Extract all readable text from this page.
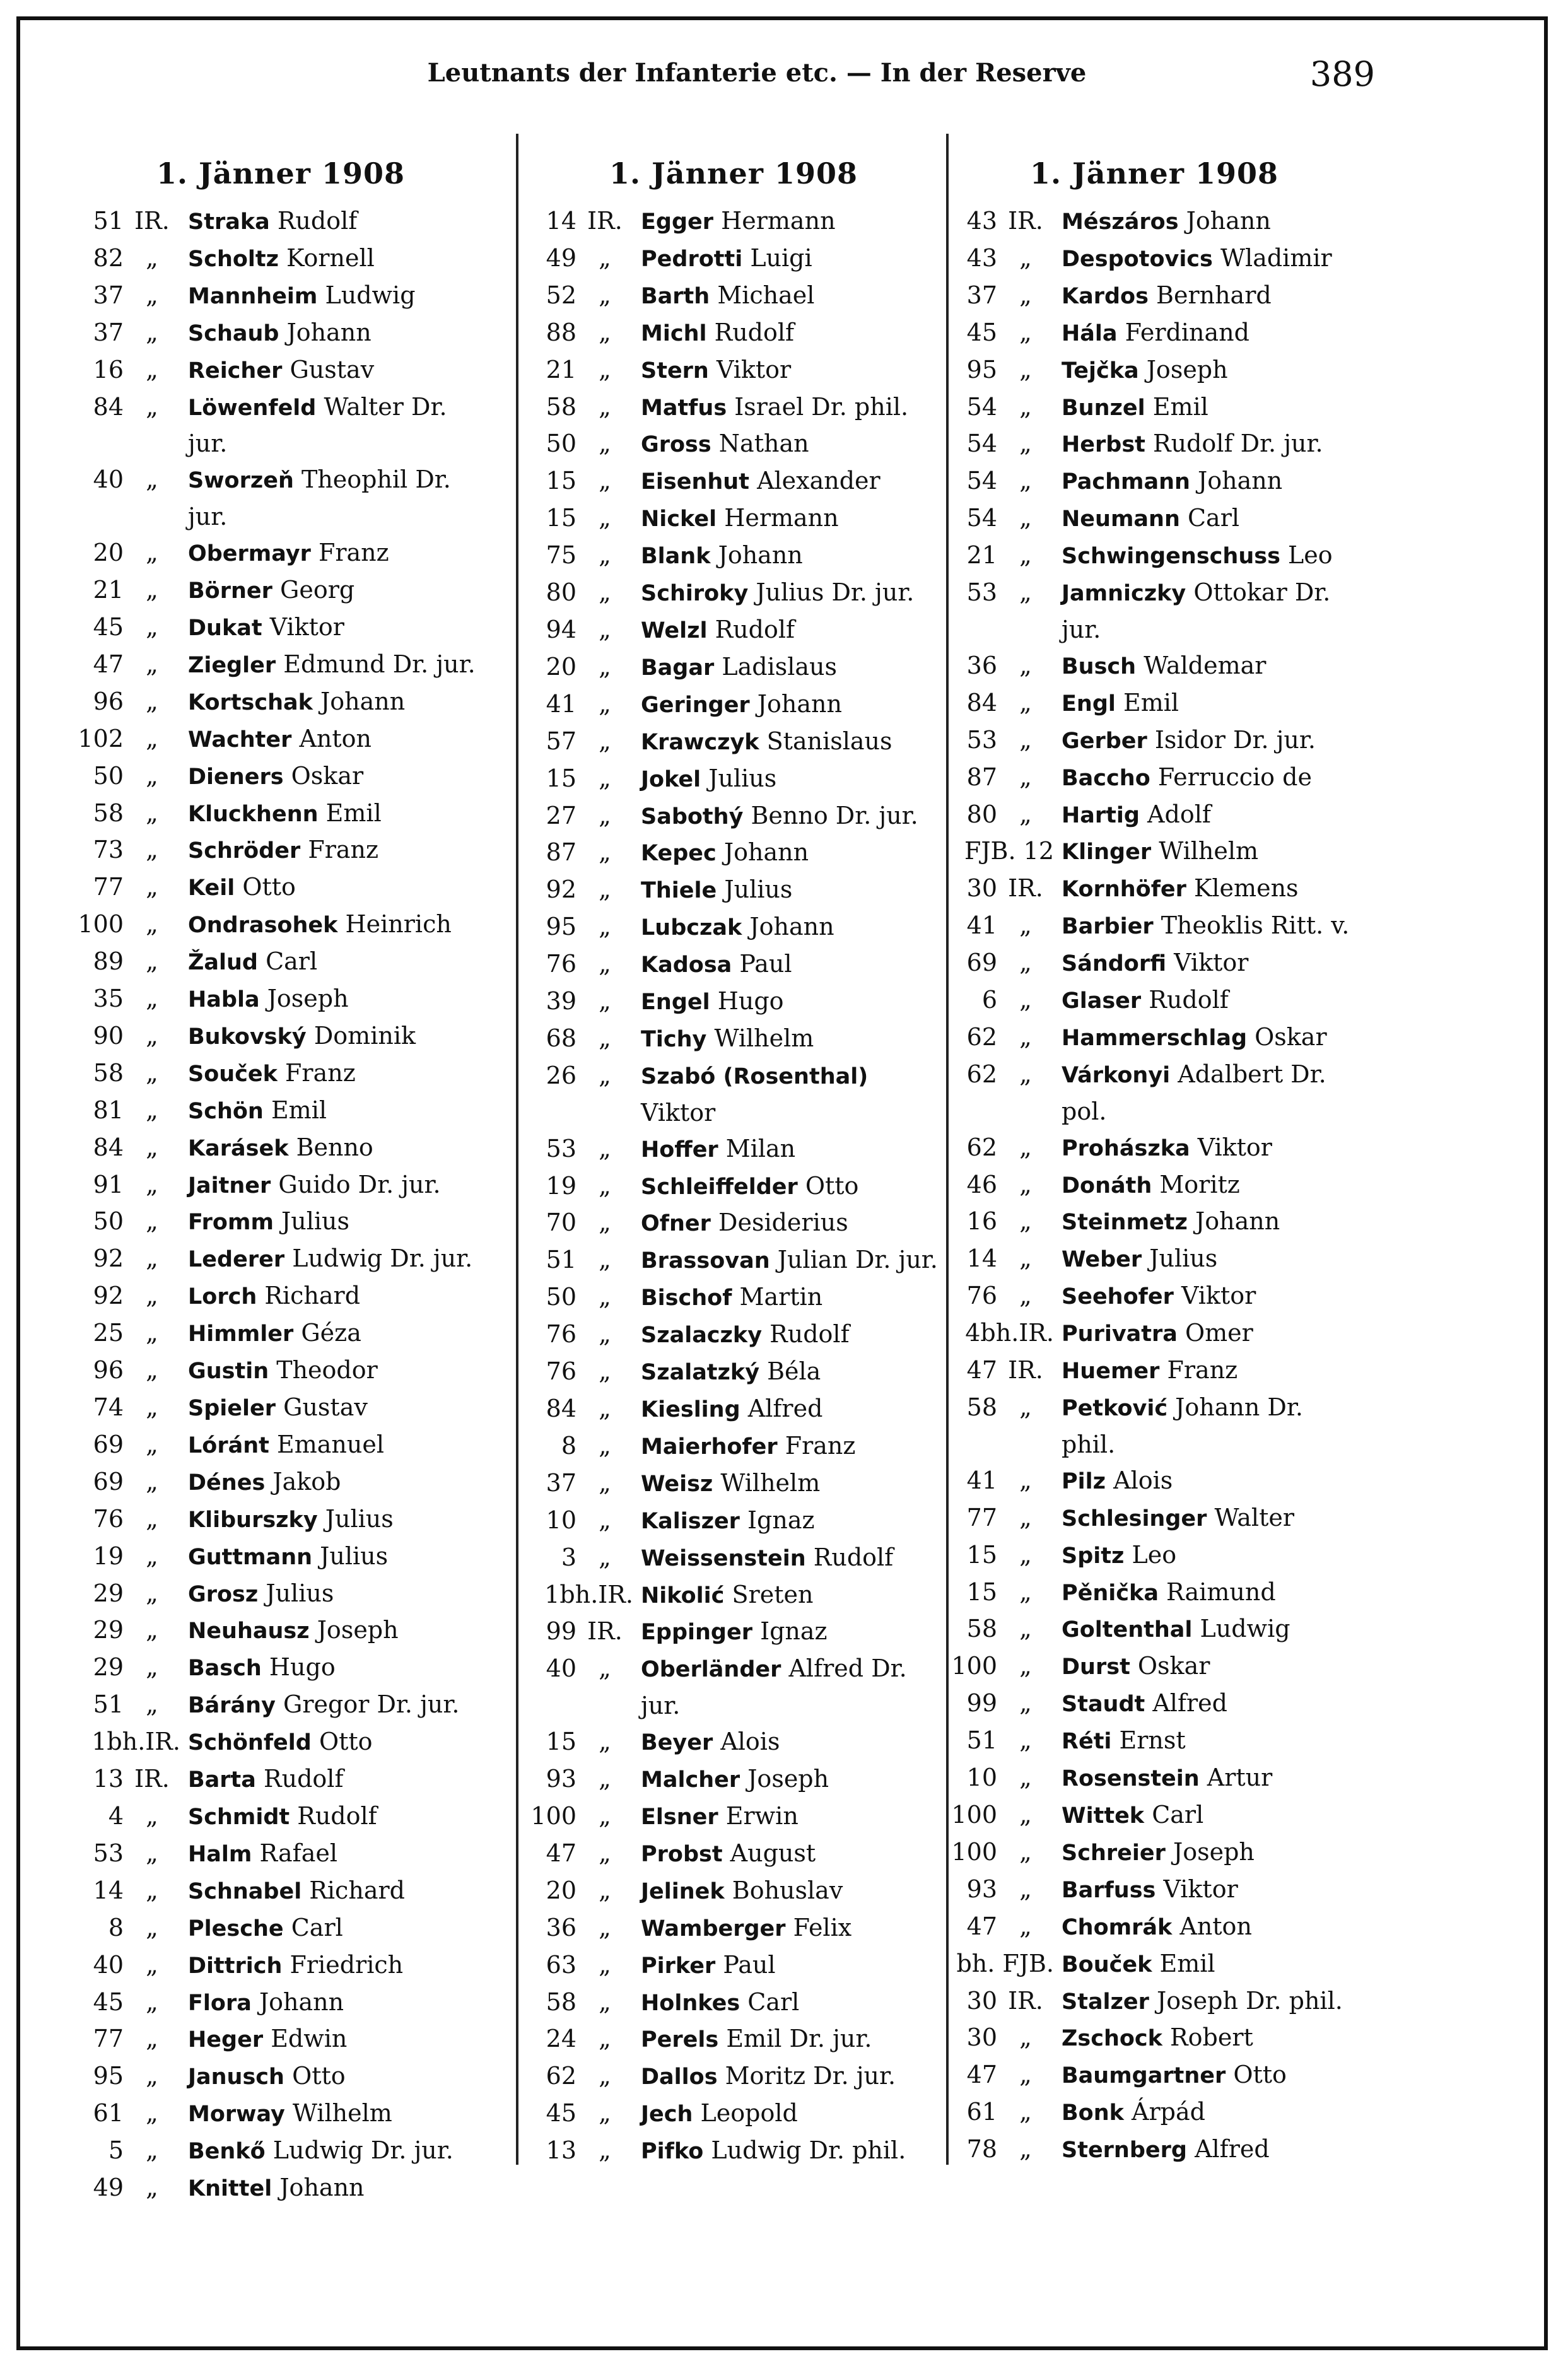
Leutnants der Infanterie etc. — In der Reserve	389
1. Jänner 1908
51 IR. Straka Rudolf
82 „	Scholtz Kornell
37 „	Mannheim Ludwig
37 „	Schaub Johann
16 „	Reicher Gustav
84 „	Löwenfeld Walter Dr. jur.
40 „	Sworzeň Theophil Dr. jur.
20 „	Obermayr Franz
21 „	Börner Georg
45 „	Dukat Viktor
47 „	Ziegler Edmund Dr. jur.
96 „	Kortschak Johann
102 „	Wachter Anton
50 „	Dieners Oskar
58 „	Kluckhenn Emil
73 „	Schröder Franz
77 „	Keil Otto
100 „	Ondrasohek Heinrich
89 „	Žalud Carl
35 „	Habla Joseph
90 „	Bukovský Dominik
58 „	Souček Franz
81 „	Schön Emil
84 „	Karásek Benno
91 „	Jaitner Guido Dr. jur.
50 „	Fromm Julius
92 „	Lederer Ludwig Dr. jur.
92 „	Lorch Richard
25 „	Himmler Géza
96 „	Gustin Theodor
74 „	Spieler Gustav
69 „	Lóránt Emanuel
69 „	Dénes Jakob
76 „	Kliburszky Julius
19 „	Guttmann Julius
29 „	Grosz Julius
29 „	Neuhausz Joseph
29 „	Basch Hugo
51 „	Bárány Gregor Dr. jur.
1bh.IR. Schönfeld Otto
13 IR. Barta Rudolf
4 „	Schmidt Rudolf
53 „	Halm Rafael
14 „	Schnabel Richard
8 „	Plesche Carl
40 „	Dittrich Friedrich
45 „	Flora Johann
77 „	Heger Edwin
95 „	Janusch Otto
61 „	Morway Wilhelm
5 „	Benkő Ludwig Dr. jur.
49 „	Knittel Johann
1. Jänner 1908
14 IR. Egger Hermann
49 „	Pedrotti Luigi
52 „	Barth Michael
88 „	Michl Rudolf
21 „	Stern Viktor
58 „	Matfus Israel Dr. phil.
50 „	Gross Nathan
15 „	Eisenhut Alexander
15 „	Nickel Hermann
75 „	Blank Johann
80 „	Schiroky Julius Dr. jur.
94 „	Welzl Rudolf
20 „	Bagar Ladislaus
41 „	Geringer Johann
57 „	Krawczyk Stanislaus
15 „	Jokel Julius
27 „	Sabothý Benno Dr. jur.
87 „	Kepec Johann
92 „	Thiele Julius
95 „	Lubczak Johann
76 „	Kadosa Paul
39 „	Engel Hugo
68 „	Tichy Wilhelm
26 „	Szabó (Rosenthal) Viktor
53 „	Hoffer Milan
19 „	Schleiffelder Otto
70 „	Ofner Desiderius
51 „	Brassovan Julian Dr. jur.
50 „	Bischof Martin
76 „	Szalaczky Rudolf
76 „	Szalatzký Béla
84 „	Kiesling Alfred
8 „	Maierhofer Franz
37 „	Weisz Wilhelm
10 „	Kaliszer Ignaz
3 „	Weissenstein Rudolf
1bh.IR. Nikolić Sreten
99 IR. Eppinger Ignaz
40 „	Oberländer Alfred Dr. jur.
15 „	Beyer Alois
93 „	Malcher Joseph
100 „	Elsner Erwin
47 „	Probst August
20 „	Jelinek Bohuslav
36 „	Wamberger Felix
63 „	Pirker Paul
58 „	Holnkes Carl
24 „	Perels Emil Dr. jur.
62 „	Dallos Moritz Dr. jur.
45 „	Jech Leopold
13 „	Pifko Ludwig Dr. phil.
1. Jänner 1908
43 IR. Mészáros Johann
43 „	Despotovics Wladimir
37 „	Kardos Bernhard
45 „	Hála Ferdinand
95 „	Tejčka Joseph
54 „	Bunzel Emil
54 „	Herbst Rudolf Dr. jur.
54 „	Pachmann Johann
54 „	Neumann Carl
21 „	Schwingenschuss Leo
53 „	Jamniczky Ottokar Dr. jur.
36 „	Busch Waldemar
84 „	Engl Emil
53 „	Gerber Isidor Dr. jur.
87 „	Baccho Ferruccio de
80 „	Hartig Adolf
FJB. 12 Klinger Wilhelm
30 IR. Kornhöfer Klemens
41 „	Barbier Theoklis Ritt. v.
69 „	Sándorfi Viktor
6 „	Glaser Rudolf
62 „	Hammerschlag Oskar
62 „	Várkonyi Adalbert Dr. pol.
62 „	Prohászka Viktor
46 „	Donáth Moritz
16 „	Steinmetz Johann
14 „	Weber Julius
76 „	Seehofer Viktor
4bh.IR. Purivatra Omer
47 IR. Huemer Franz
58 „	Petković Johann Dr. phil.
41 „	Pilz Alois
77 „	Schlesinger Walter
15 „	Spitz Leo
15 „	Pěnička Raimund
58 „	Goltenthal Ludwig
100 „	Durst Oskar
99 „	Staudt Alfred
51 „	Réti Ernst
10 „	Rosenstein Artur
100 „	Wittek Carl
100 „	Schreier Joseph
93 „	Barfuss Viktor
47 „	Chomrák Anton
bh. FJB. Bouček Emil
30 IR. Stalzer Joseph Dr. phil.
30 „	Zschock Robert
47 „	Baumgartner Otto
61 „	Bonk Árpád
78 „	Sternberg Alfred
